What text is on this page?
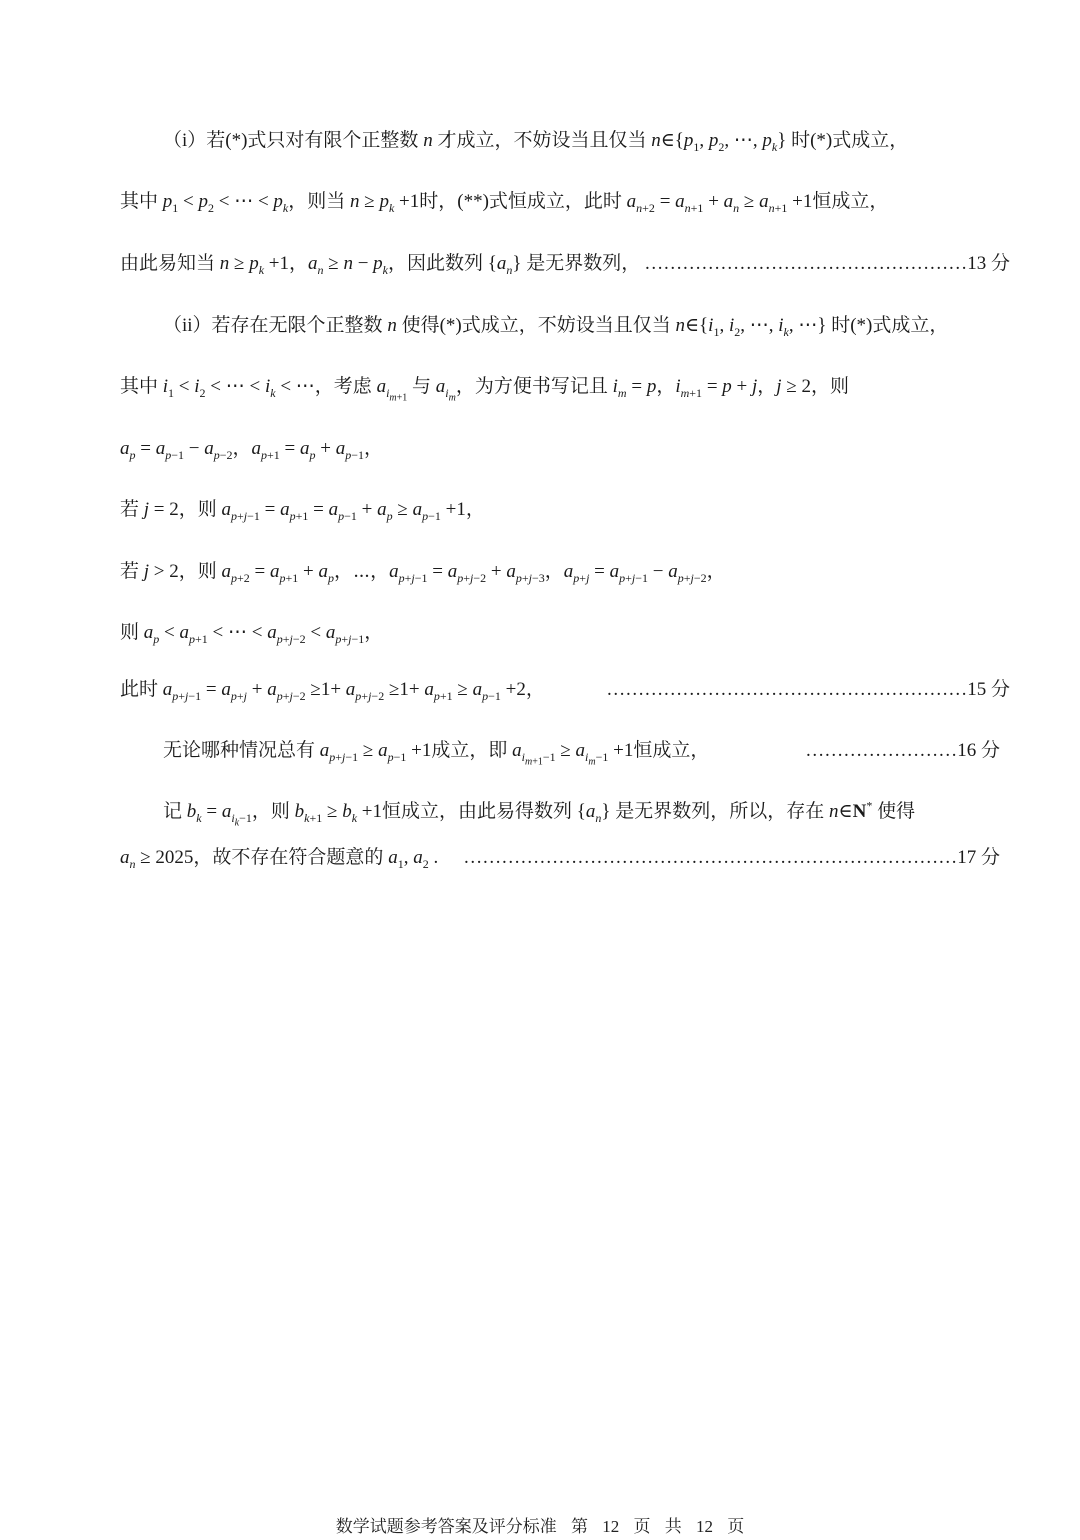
（i）若(*)式只对有限个正整数 n 才成立，不妨设当且仅当 $n\in\{p_1$, $p_2$, ⋯, $p_k$} 时(*)式成立，
其中 $p_1 < p_2$ < ⋯ < $p_k$，则当 $n \ge p_k +1$时，(**)式恒成立，此时 $a_{n+2} = a_{n+1} + a_n \ge a_{n+1} +1$恒成立，
由此易知当 $n \ge p_k +1$，$a_n \ge n - p_k$，因此数列 $\{a_n\}$ 是无界数列， ……………………………………………13 分
（ii）若存在无限个正整数 n 使得(*)式成立，不妨设当且仅当 $n\in\{i_1$, $i_2$, ⋯, $i_k$, ⋯} 时(*)式成立，
其中 $i_1 < i_2$ < ⋯ < $i_k$ < ⋯，考虑 $a_{i_{m+1}}$ 与 $a_{i_m}$，为方便书写记且 $i_m = p$，$i_{m+1} = p + j$，j ≥ 2，则
$a_p = a_{p-1} - a_{p-2}$，$a_{p+1} = a_p + a_{p-1}$，
若 j = 2，则 $a_{p+j-1} = a_{p+1} = a_{p-1} + a_p \ge a_{p-1} +1$，
若 j > 2，则 $a_{p+2} = a_{p+1} + a_p$，⋯，$a_{p+j-1} = a_{p+j-2} + a_{p+j-3}$，$a_{p+j} = a_{p+j-1} - a_{p+j-2}$，
则 $a_p < a_{p+1}$ < ⋯ < $a_{p+j-2} < a_{p+j-1}$，
此时 $a_{p+j-1} = a_{p+j} + a_{p+j-2} \ge 1+ a_{p+j-2} \ge 1+ a_{p+1} \ge a_{p-1} +2$，	…………………………………………………15 分
无论哪种情况总有 $a_{p+j-1} \ge a_{p-1} +1$成立，即 $a_{i_{m+1}-1} \ge a_{i_m-1} +1$恒成立，	……………………16 分
记 $b_k = a_{i_k-1}$，则 $b_{k+1} \ge b_k +1$恒成立，由此易得数列 $\{a_n\}$ 是无界数列，所以，存在 n∈N* 使得
$a_n \ge 2025$，故不存在符合题意的 $a_1$, $a_2$ . ……………………………………………………………………17 分
数学试题参考答案及评分标准 第 12 页 共 12 页
